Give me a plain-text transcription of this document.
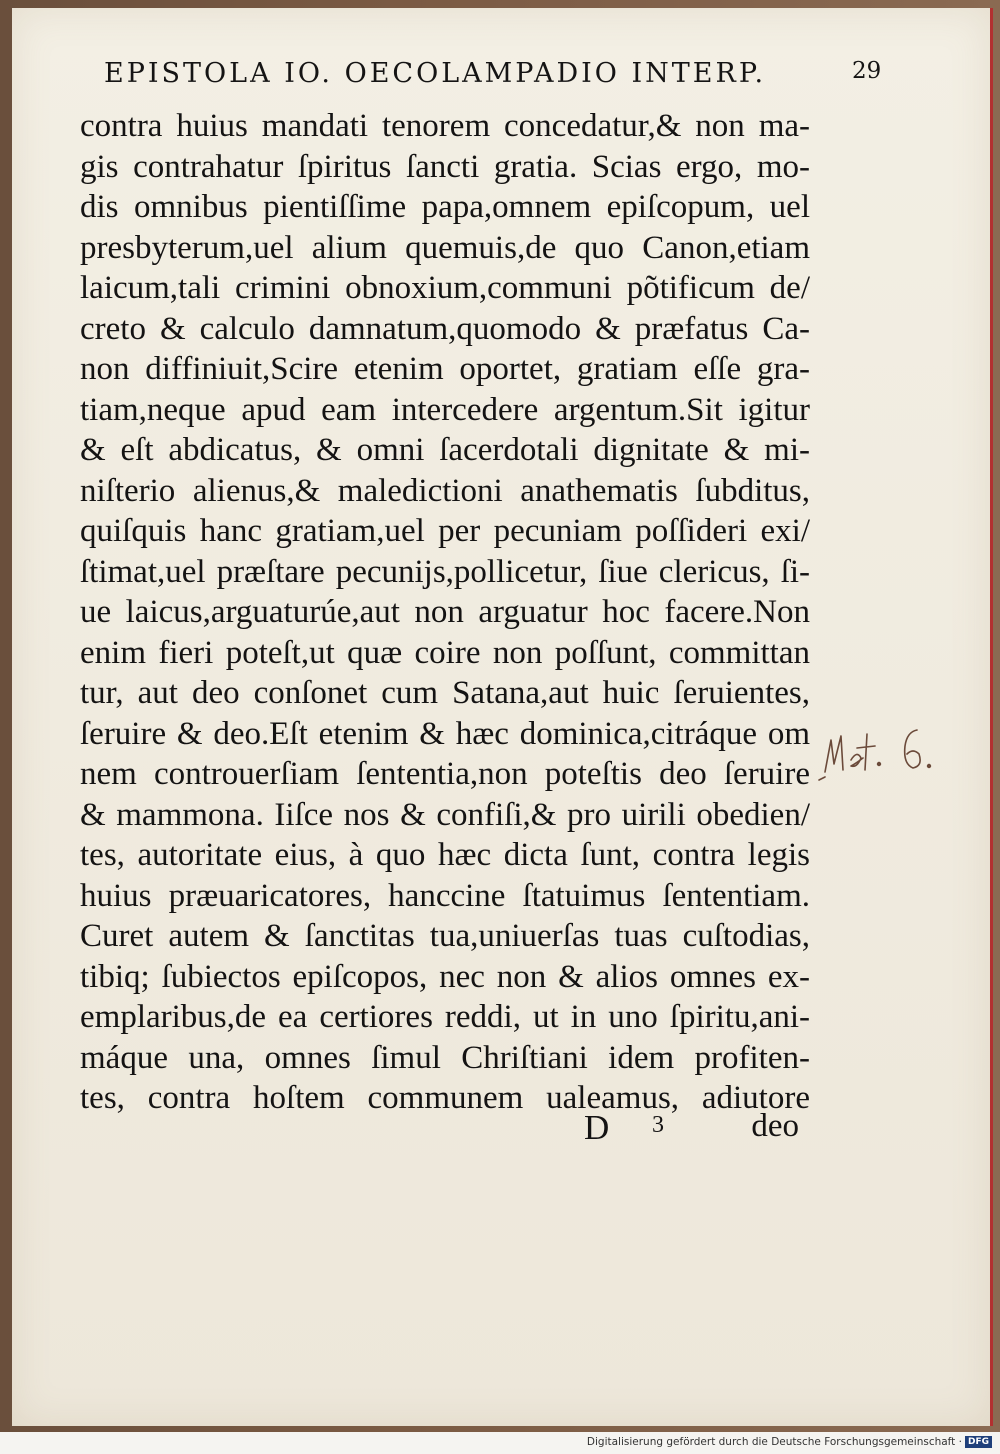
EPISTOLA IO. OECOLAMPADIO INTERP.	29
contra huius mandati tenorem concedatur,& non ma-
gis contrahatur ſpiritus ſancti gratia. Scias ergo, mo-
dis omnibus pientiſſime papa,omnem epiſcopum, uel
presbyterum,uel alium quemuis,de quo Canon,etiam
laicum,tali crimini obnoxium,communi põtificum de/
creto & calculo damnatum,quomodo & præfatus Ca-
non diffiniuit,Scire etenim oportet, gratiam eſſe gra-
tiam,neque apud eam intercedere argentum.Sit igitur
& eſt abdicatus, & omni ſacerdotali dignitate & mi-
niſterio alienus,& maledictioni anathematis ſubditus,
quiſquis hanc gratiam,uel per pecuniam poſſideri exi/
ſtimat,uel præſtare pecunijs,pollicetur, ſiue clericus, ſi-
ue laicus,arguaturúe,aut non arguatur hoc facere.Non
enim fieri poteſt,ut quæ coire non poſſunt, committan
tur, aut deo conſonet cum Satana,aut huic ſeruientes,
ſeruire & deo.Eſt etenim & hæc dominica,citráque om
nem controuerſiam ſententia,non poteſtis deo ſeruire
& mammona. Iiſce nos & confiſi,& pro uirili obedien/
tes, autoritate eius, à quo hæc dicta ſunt, contra legis
huius præuaricatores, hanccine ſtatuimus ſententiam.
Curet autem & ſanctitas tua,uniuerſas tuas cuſtodias,
tibiq; ſubiectos epiſcopos, nec non & alios omnes ex-
emplaribus,de ea certiores reddi, ut in uno ſpiritu,ani-
máque una, omnes ſimul Chriſtiani idem profiten-
tes, contra hoſtem communem ualeamus, adiutore
D 3	deo
Digitalisierung gefördert durch die Deutsche Forschungsgemeinschaft · DFG
